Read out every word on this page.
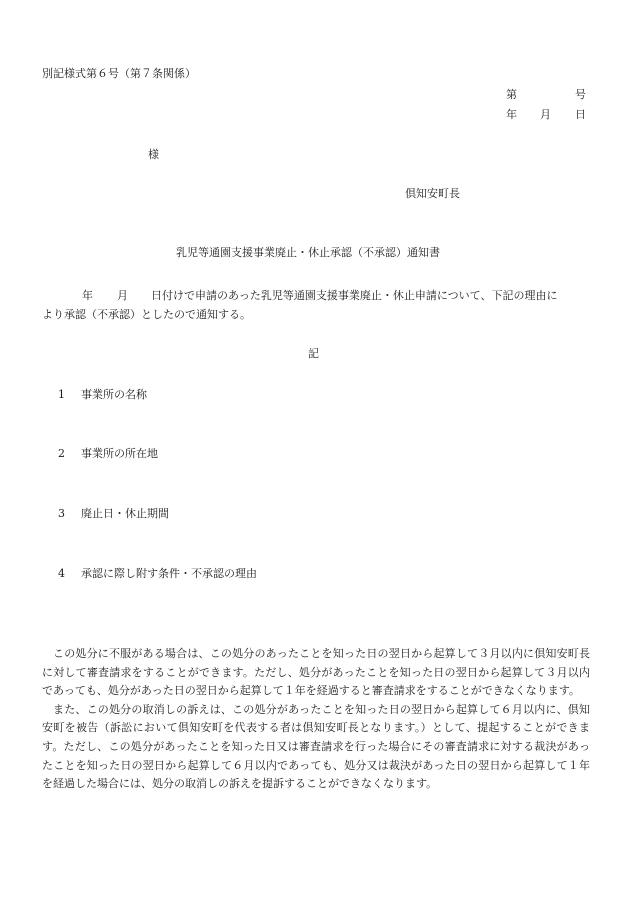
別記様式第６号（第７条関係）
第	号
年 月 日
様
倶知安町長
乳児等通園支援事業廃止・休止承認（不承認）通知書
年 月 日付けで申請のあった乳児等通園支援事業廃止・休止申請について、下記の理由に
より承認（不承認）としたので通知する。
記
1 事業所の名称
2 事業所の所在地
3 廃止日・休止期間
4 承認に際し附す条件・不承認の理由

この処分に不服がある場合は、この処分のあったことを知った日の翌日から起算して３月以内に倶知安町長に対して審査請求をすることができます。ただし、処分があったことを知った日の翌日から起算して３月以内であっても、処分があった日の翌日から起算して１年を経過すると審査請求をすることができなくなります。

また、この処分の取消しの訴えは、この処分があったことを知った日の翌日から起算して６月以内に、倶知安町を被告（訴訟において倶知安町を代表する者は倶知安町長となります。）として、提起することができます。ただし、この処分があったことを知った日又は審査請求を行った場合にその審査請求に対する裁決があったことを知った日の翌日から起算して６月以内であっても、処分又は裁決があった日の翌日から起算して１年を経過した場合には、処分の取消しの訴えを提訴することができなくなります。
